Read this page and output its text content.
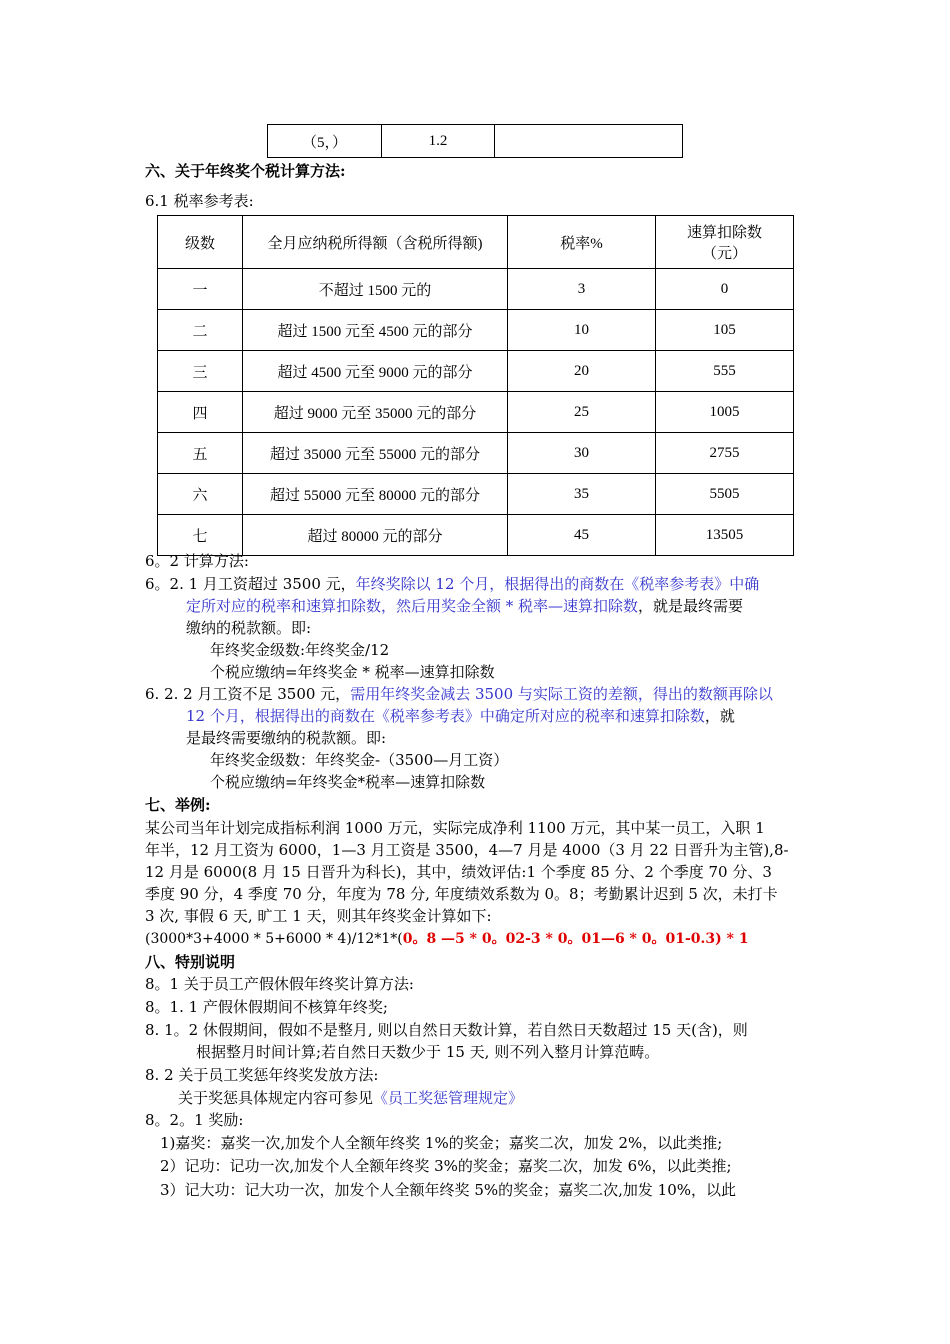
（5，）	1.2	
六、关于年终奖个税计算方法:
6.1 税率参考表:
级数	全月应纳税所得额（含税所得额)	税率%	速算扣除数
（元）
一	不超过 1500 元的	3	0
二	超过 1500 元至 4500 元的部分	10	105
三	超过 4500 元至 9000 元的部分	20	555
四	超过 9000 元至 35000 元的部分	25	1005
五	超过 35000 元至 55000 元的部分	30	2755
六	超过 55000 元至 80000 元的部分	35	5505
七	超过 80000 元的部分	45	13505
6。2 计算方法:
6。2. 1 月工资超过 3500 元，年终奖除以 12 个月，根据得出的商数在《税率参考表》中确
定所对应的税率和速算扣除数，然后用奖金全额 * 税率—速算扣除数，就是最终需要
缴纳的税款额。即:
年终奖金级数:年终奖金/12
个税应缴纳=年终奖金 * 税率—速算扣除数
6. 2. 2 月工资不足 3500 元，需用年终奖金减去 3500 与实际工资的差额，得出的数额再除以
12 个月，根据得出的商数在《税率参考表》中确定所对应的税率和速算扣除数，就
是最终需要缴纳的税款额。即:
年终奖金级数：年终奖金-（3500—月工资）
个税应缴纳=年终奖金*税率—速算扣除数
七、举例:
某公司当年计划完成指标利润 1000 万元，实际完成净利 1100 万元，其中某一员工，入职 1
年半，12 月工资为 6000，1—3 月工资是 3500，4—7 月是 4000（3 月 22 日晋升为主管),8-
12 月是 6000(8 月 15 日晋升为科长)，其中，绩效评估:1 个季度 85 分、2 个季度 70 分、3
季度 90 分，4 季度 70 分，年度为 78 分, 年度绩效系数为 0。8；考勤累计迟到 5 次，未打卡
3 次, 事假 6 天, 旷工 1 天，则其年终奖金计算如下:
(3000*3+4000 * 5+6000 * 4)/12*1*(0。8 —5 * 0。02-3 * 0。01—6 * 0。01-0.3) * 1
八、特别说明
8。1 关于员工产假休假年终奖计算方法:
8。1. 1 产假休假期间不核算年终奖;
8. 1。2 休假期间，假如不是整月, 则以自然日天数计算，若自然日天数超过 15 天(含)，则
根据整月时间计算;若自然日天数少于 15 天, 则不列入整月计算范畴。
8. 2 关于员工奖惩年终奖发放方法:
关于奖惩具体规定内容可参见《员工奖惩管理规定》
8。2。1 奖励:
1)嘉奖：嘉奖一次,加发个人全额年终奖 1%的奖金；嘉奖二次，加发 2%，以此类推;
2）记功：记功一次,加发个人全额年终奖 3%的奖金；嘉奖二次，加发 6%，以此类推;
3）记大功：记大功一次，加发个人全额年终奖 5%的奖金；嘉奖二次,加发 10%，以此
